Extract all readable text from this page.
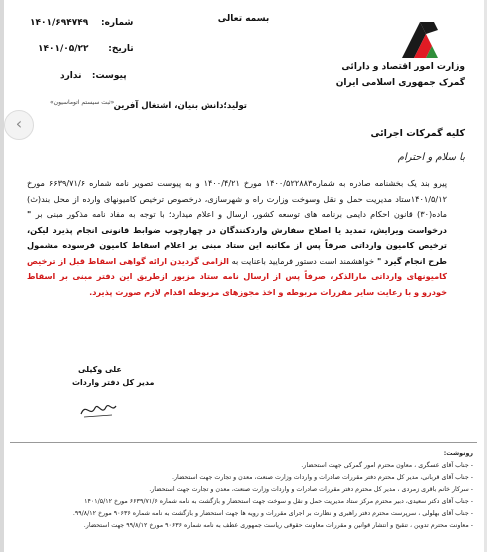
‹
بسمه تعالی
وزارت امور اقتصاد و دارائی
گمرک جمهوری اسلامی ایران
شماره: ۱۴۰۱/۶۹۴۷۴۹
تاریخ: ۱۴۰۱/۰۵/۲۲
پیوست: ندارد
«ثبت سیستم اتوماسیون» تولید؛دانش بنیان، اشتغال آفرین
کلیه گمرکات اجرائی
با سلام و احترام
پیرو بند یک بخشنامه صادره به شماره۱۴۰۰/۵۲۲۸۸۳ مورخ ۱۴۰۰/۴/۲۱ و به پیوست تصویر نامه شماره ۶۶۳۹/۷۱/۶ مورخ ۱۴۰۱/۵/۱۲ستاد مدیریت حمل و نقل وسوخت وزارت راه و شهرسازی، درخصوص ترخیص کامیونهای وارده از محل بند(ث) ماده(۳۰) قانون احکام دایمی برنامه های توسعه کشور، ارسال و اعلام میدارد؛ با توجه به مفاد نامه مذکور مبنی بر " درخواست ویرایش، تمدید یا اصلاح سفارش واردکنندگان در چهارچوب ضوابط قانونی انجام پذیرد لیکن، ترخیص کامیون وارداتی صرفاً پس از مکاتبه این ستاد مبنی بر اعلام اسقاط کامیون فرسوده مشمول طرح انجام گیرد " خواهشمند است دستور فرمایید باعنایت به الزامی گردیدن ارائه گواهی اسقاط قبل از ترخیص کامیونهای وارداتی مارالذکر، صرفاً پس از ارسال نامه ستاد مزبور ازطریق این دفتر مبنی بر اسقاط خودرو و با رعایت سایر مقررات مربوطه و اخذ مجوزهای مربوطه اقدام لازم صورت پذیرد.
علی وکیلی
مدیر کل دفتر واردات
رونوشت:
- جناب آقای عسگری ، معاون محترم امور گمرکی جهت استحضار.
- جناب آقای قربانی، مدیر کل محترم دفتر مقررات صادرات و واردات وزارت صنعت، معدن و تجارت جهت استحضار.
- سرکار خانم باقری زمردی ، مدیر کل محترم دفتر مقررات صادرات و واردات وزارت صنعت، معدن و تجارت جهت استحضار.
- جناب آقای دکتر سعیدی، دبیر محترم مرکز ستاد مدیریت حمل و نقل و سوخت جهت استحضار و بازگشت به نامه شماره ۶۶۳۹/۷۱/۶ مورخ ۱۴۰۱/۵/۱۲
- جناب آقای بهلولی ، سرپرست محترم دفتر راهبری و نظارت بر اجرای مقررات و رویه ها جهت استحضار و بازگشت به نامه شماره ۹۰۶۳۶ مورخ ۹۹/۸/۱۲.
- معاونت محترم تدوین ، تنقیح و انتشار قوانین و مقررات معاونت حقوقی ریاست جمهوری عطف به نامه شماره ۹۰۶۳۶ مورخ ۹۹/۸/۱۲ جهت استحضار.
